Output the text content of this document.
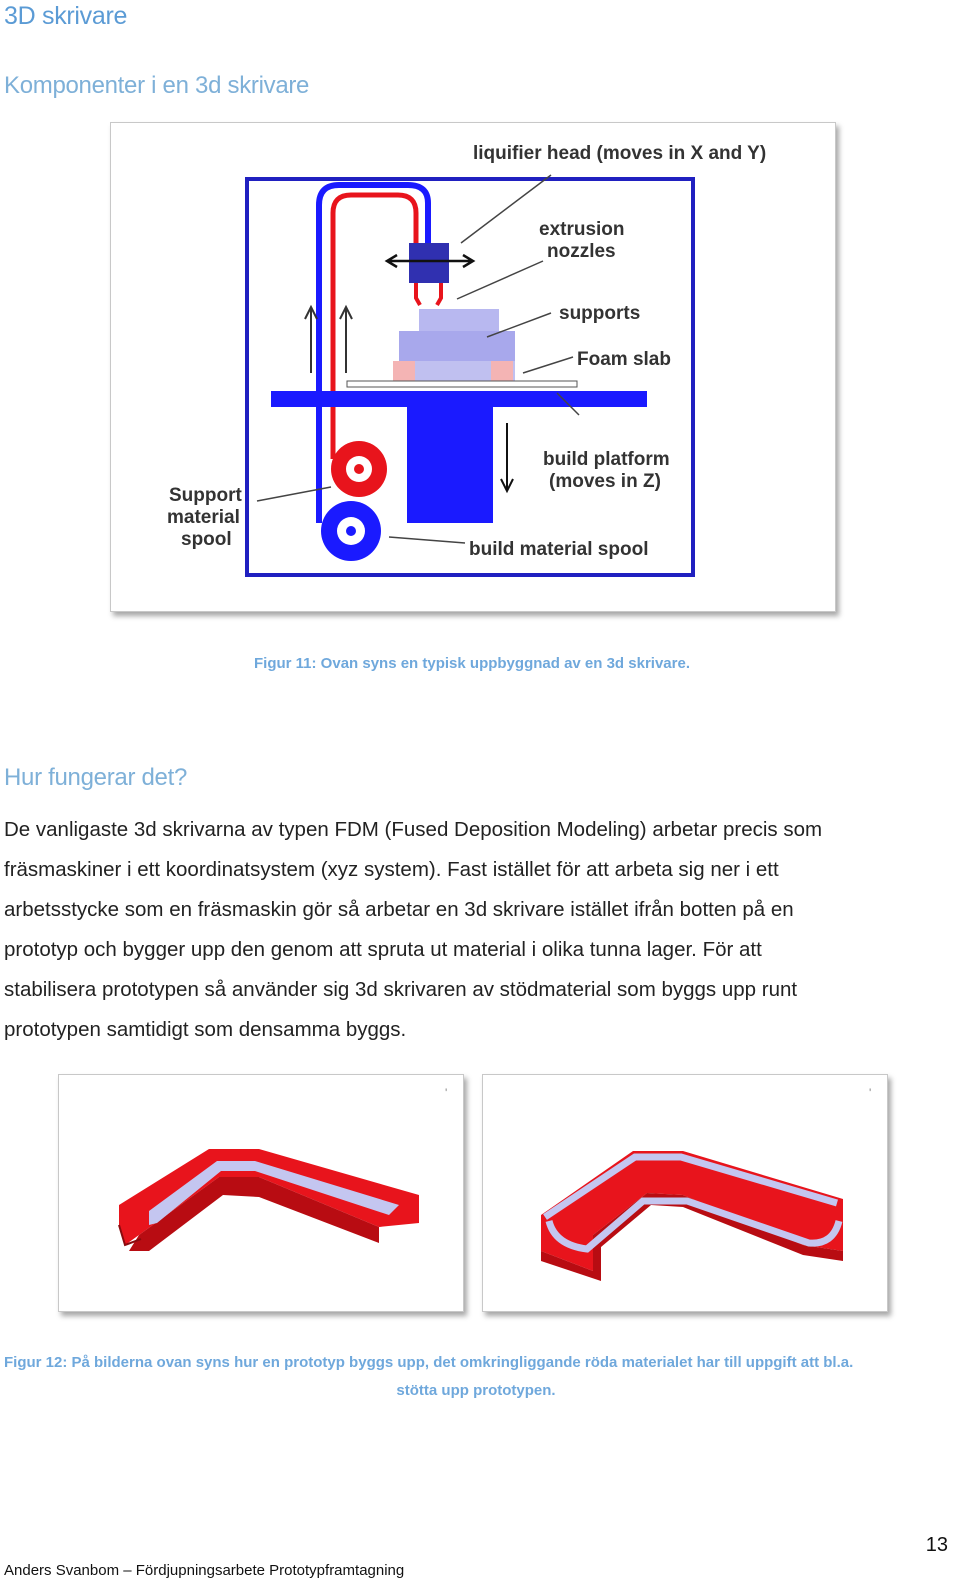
3D skrivare
Komponenter i en 3d skrivare
liquifier head (moves in X and Y)
extrusion
nozzles
supports
Foam slab
build platform
(moves in Z)
Support
material
spool	build material spool
Figur 11: Ovan syns en typisk uppbyggnad av en 3d skrivare.
Hur fungerar det?

De vanligaste 3d skrivarna av typen FDM (Fused Deposition Modeling) arbetar precis som

fräsmaskiner i ett koordinatsystem (xyz system). Fast istället för att arbeta sig ner i ett

arbetsstycke som en fräsmaskin gör så arbetar en 3d skrivare istället ifrån botten på en

prototyp och bygger upp den genom att spruta ut material i olika tunna lager. För att

stabilisera prototypen så använder sig 3d skrivaren av stödmaterial som byggs upp runt

prototypen samtidigt som densamma byggs.

'	'
Figur 12: På bilderna ovan syns hur en prototyp byggs upp, det omkringliggande röda materialet har till uppgift att bl.a.
stötta upp prototypen.
13
Anders Svanbom – Fördjupningsarbete Prototypframtagning
